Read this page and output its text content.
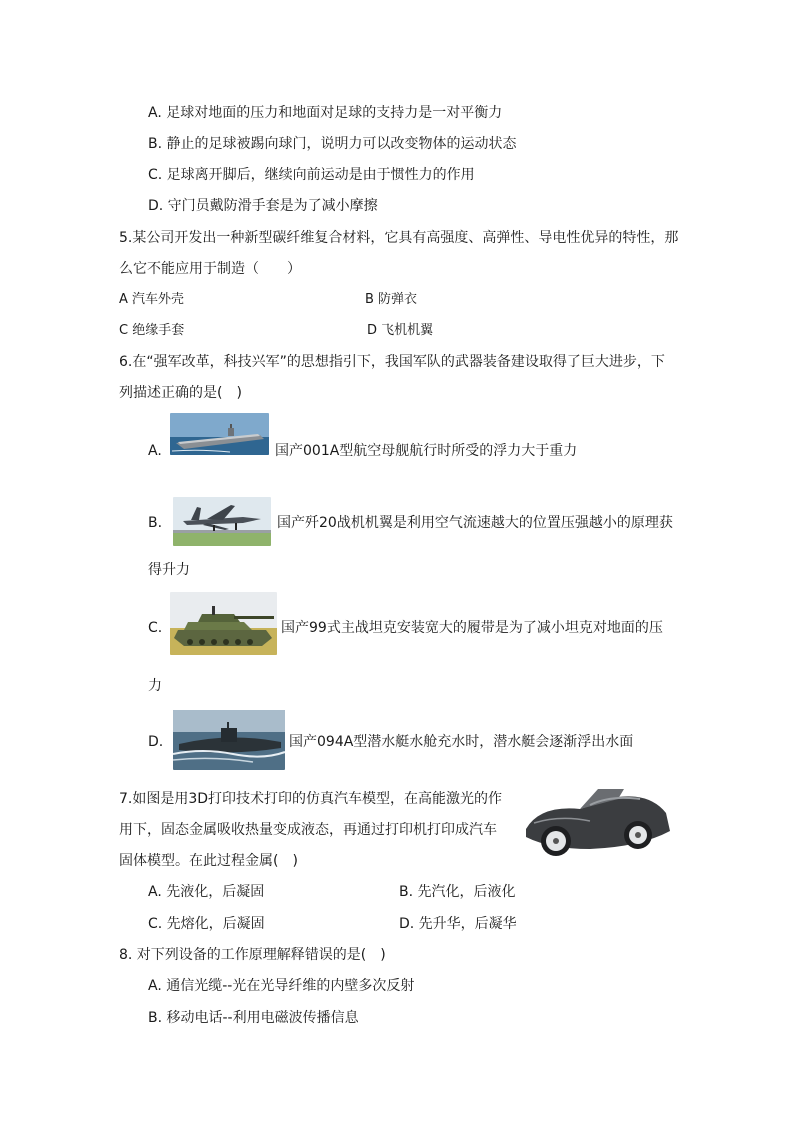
A. 足球对地面的压力和地面对足球的支持力是一对平衡力
B. 静止的足球被踢向球门，说明力可以改变物体的运动状态
C. 足球离开脚后，继续向前运动是由于惯性力的作用
D. 守门员戴防滑手套是为了减小摩擦
5.某公司开发出一种新型碳纤维复合材料，它具有高强度、高弹性、导电性优异的特性，那
么它不能应用于制造（　　）
A 汽车外壳	B 防弹衣
C 绝缘手套	D 飞机机翼
6.在“强军改革，科技兴军”的思想指引下，我国军队的武器装备建设取得了巨大进步，下
列描述正确的是(　)
A.	国产001A型航空母舰航行时所受的浮力大于重力
B.	国产歼20战机机翼是利用空气流速越大的位置压强越小的原理获
得升力
C.	国产99式主战坦克安装宽大的履带是为了减小坦克对地面的压
力
D.	国产094A型潜水艇水舱充水时，潜水艇会逐渐浮出水面
7.如图是用3D打印技术打印的仿真汽车模型，在高能激光的作
用下，固态金属吸收热量变成液态，再通过打印机打印成汽车
固体模型。在此过程金属(　)
A. 先液化，后凝固	B. 先汽化，后液化
C. 先熔化，后凝固	D. 先升华，后凝华
8. 对下列设备的工作原理解释错误的是(　)
A. 通信光缆--光在光导纤维的内壁多次反射
B. 移动电话--利用电磁波传播信息
